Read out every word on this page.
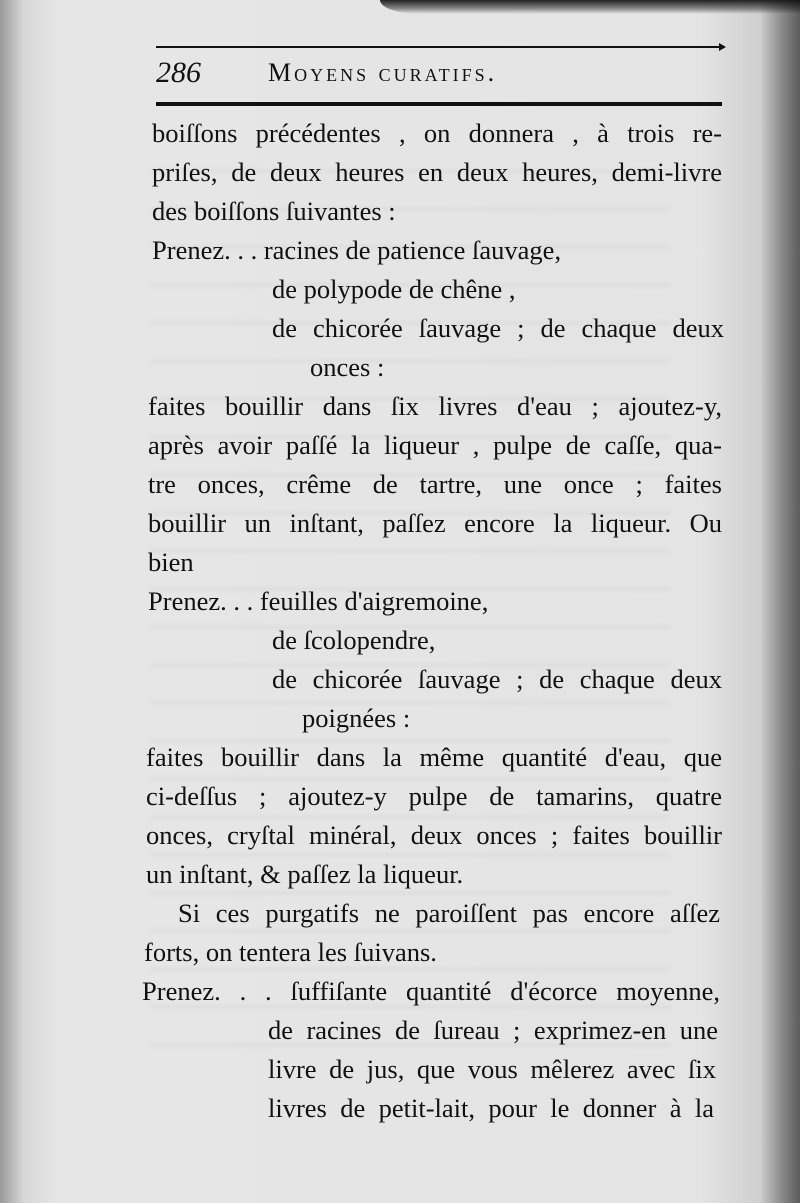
286	Moyens curatifs.
boiſſons précédentes , on donnera , à trois re-
priſes, de deux heures en deux heures, demi-livre
des boiſſons ſuivantes :
Prenez. . . racines de patience ſauvage,
de polypode de chêne ,
de chicorée ſauvage ; de chaque deux
onces :
faites bouillir dans ſix livres d'eau ; ajoutez-y,
après avoir paſſé la liqueur , pulpe de caſſe, qua-
tre onces, crême de tartre, une once ; faites
bouillir un inſtant, paſſez encore la liqueur. Ou
bien
Prenez. . . feuilles d'aigremoine,
de ſcolopendre,
de chicorée ſauvage ; de chaque deux
poignées :
faites bouillir dans la même quantité d'eau, que
ci-deſſus ; ajoutez-y pulpe de tamarins, quatre
onces, cryſtal minéral, deux onces ; faites bouillir
un inſtant, & paſſez la liqueur.
Si ces purgatifs ne paroiſſent pas encore aſſez
forts, on tentera les ſuivans.
Prenez. . . ſuffiſante quantité d'écorce moyenne,
de racines de ſureau ; exprimez-en une
livre de jus, que vous mêlerez avec ſix
livres de petit-lait, pour le donner à la
